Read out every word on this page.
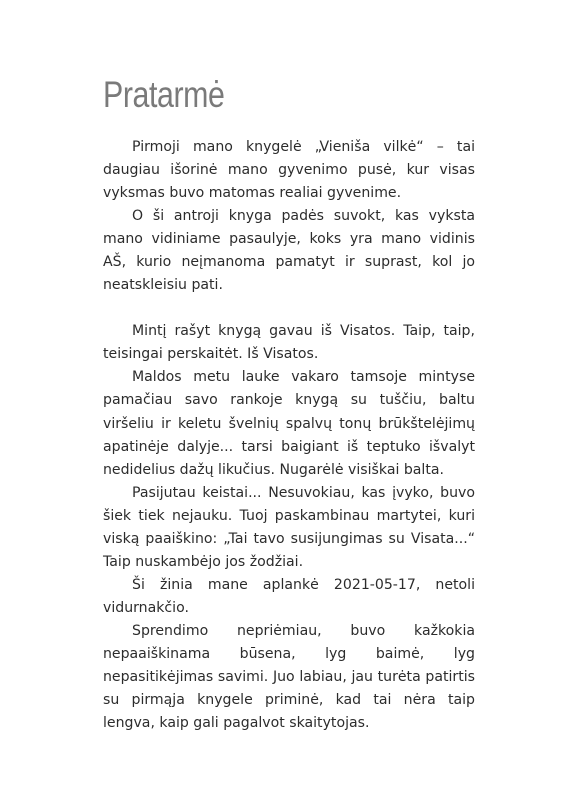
Pratarmė

Pirmoji mano knygelė „Vienišа vilkė“ – tai daugiau išorinė mano gyvenimo pusė, kur visas vyksmas buvo matomas realiai gyvenime.

O ši antroji knyga padės suvokt, kas vyksta mano vidiniame pasaulyje, koks yra mano vidinis AŠ, kurio neįmanoma pamatyt ir suprast, kol jo neatskleisiu pati.

Mintį rašyt knygą gavau iš Visatos. Taip, taip, teisingai perskaitėt. Iš Visatos.

Maldos metu lauke vakaro tamsoje mintyse pamačiau savo rankoje knygą su tuščiu, baltu viršeliu ir keletu švelnių spalvų tonų brūkštelėjimų apatinėje dalyje... tarsi baigiant iš teptuko išvalyt nedidelius dažų likučius. Nugarėlė visiškai balta.

Pasijutau keistai... Nesuvokiau, kas įvyko, buvo šiek tiek nejauku. Tuoj paskambinau martytei, kuri viską paaiškino: „Tai tavo susijungimas su Visata...“ Taip nuskambėjo jos žodžiai.

Ši žinia mane aplankė 2021-05-17, netoli vidurnakčio.

Sprendimo nepriėmiau, buvo kažkokia nepaaiškinama būsena, lyg baimė, lyg nepasitikėjimas savimi. Juo labiau, jau turėta patirtis su pirmąja knygele priminė, kad tai nėra taip lengva, kaip gali pagalvot skaitytojas.
